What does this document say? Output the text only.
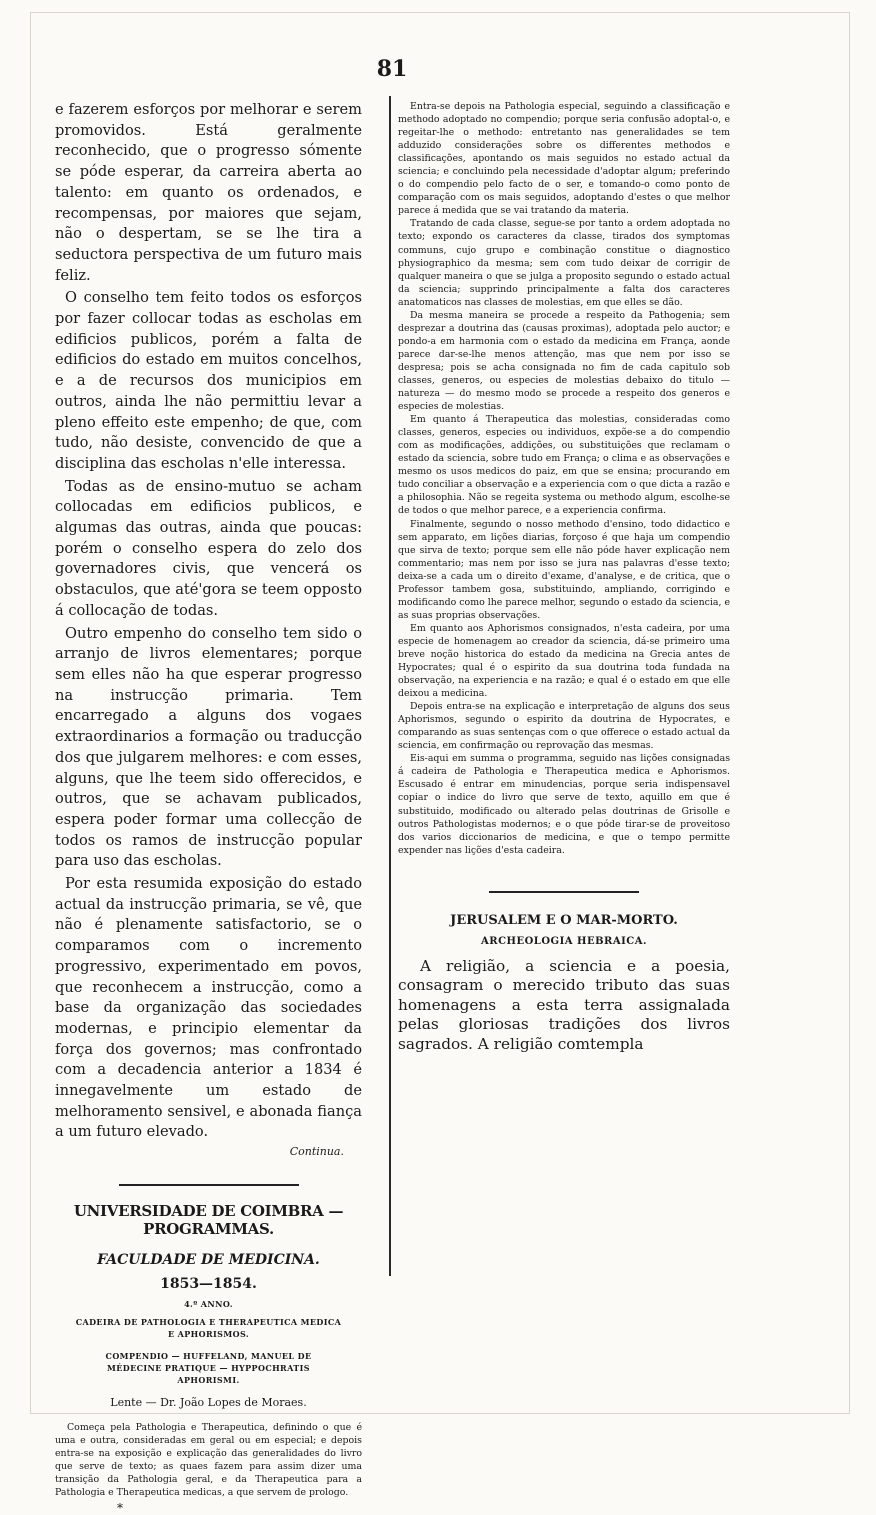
81

e fazerem esforços por melhorar e serem promovidos. Está geralmente reconhecido, que o progresso sómente se póde esperar, da carreira aberta ao talento: em quanto os ordenados, e recompensas, por maiores que sejam, não o despertam, se se lhe tira a seductora perspectiva de um futuro mais feliz.

O conselho tem feito todos os esforços por fazer collocar todas as escholas em edificios publicos, porém a falta de edificios do estado em muitos concelhos, e a de recursos dos municipios em outros, ainda lhe não permittiu levar a pleno effeito este empenho; de que, com tudo, não desiste, convencido de que a disciplina das escholas n'elle interessa.

Todas as de ensino-mutuo se acham collocadas em edificios publicos, e algumas das outras, ainda que poucas: porém o conselho espera do zelo dos governadores civis, que vencerá os obstaculos, que até'gora se teem opposto á collocação de todas.

Outro empenho do conselho tem sido o arranjo de livros elementares; porque sem elles não ha que esperar progresso na instrucção primaria. Tem encarregado a alguns dos vogaes extraordinarios a formação ou traducção dos que julgarem melhores: e com esses, alguns, que lhe teem sido offerecidos, e outros, que se achavam publicados, espera poder formar uma collecção de todos os ramos de instrucção popular para uso das escholas.

Por esta resumida exposição do estado actual da instrucção primaria, se vê, que não é plenamente satisfactorio, se o comparamos com o incremento progressivo, experimentado em povos, que reconhecem a instrucção, como a base da organização das sociedades modernas, e principio elementar da força dos governos; mas confrontado com a decadencia anterior a 1834 é innegavelmente um estado de melhoramento sensivel, e abonada fiança a um futuro elevado.

Continua.

UNIVERSIDADE DE COIMBRA — PROGRAMMAS.

FACULDADE DE MEDICINA.

1853—1854.

4.º ANNO.

CADEIRA DE PATHOLOGIA E THERAPEUTICA MEDICA E APHORISMOS.

COMPENDIO — HUFFELAND, MANUEL DE MÉDECINE PRATIQUE — HYPPOCHRATIS APHORISMI.

Lente — Dr. João Lopes de Moraes.

Começa pela Pathologia e Therapeutica, definindo o que é uma e outra, consideradas em geral ou em especial; e depois entra-se na exposição e explicação das generalidades do livro que serve de texto; as quaes fazem para assim dizer uma transição da Pathologia geral, e da Therapeutica para a Pathologia e Therapeutica medicas, a que servem de prologo.

*

Entra-se depois na Pathologia especial, seguindo a classificação e methodo adoptado no compendio; porque seria confusão adoptal-o, e regeitar-lhe o methodo: entretanto nas generalidades se tem adduzido considerações sobre os differentes methodos e classificações, apontando os mais seguidos no estado actual da sciencia; e concluindo pela necessidade d'adoptar algum; preferindo o do compendio pelo facto de o ser, e tomando-o como ponto de comparação com os mais seguidos, adoptando d'estes o que melhor parece á medida que se vai tratando da materia.

Tratando de cada classe, segue-se por tanto a ordem adoptada no texto; expondo os caracteres da classe, tirados dos symptomas communs, cujo grupo e combinação constitue o diagnostico physiographico da mesma; sem com tudo deixar de corrigir de qualquer maneira o que se julga a proposito segundo o estado actual da sciencia; supprindo principalmente a falta dos caracteres anatomaticos nas classes de molestias, em que elles se dão.

Da mesma maneira se procede a respeito da Pathogenia; sem desprezar a doutrina das (causas proximas), adoptada pelo auctor; e pondo-a em harmonia com o estado da medicina em França, aonde parece dar-se-lhe menos attenção, mas que nem por isso se despresa; pois se acha consignada no fim de cada capitulo sob classes, generos, ou especies de molestias debaixo do titulo — natureza — do mesmo modo se procede a respeito dos generos e especies de molestias.

Em quanto á Therapeutica das molestias, consideradas como classes, generos, especies ou individuos, expõe-se a do compendio com as modificações, addições, ou substituições que reclamam o estado da sciencia, sobre tudo em França; o clima e as observações e mesmo os usos medicos do paiz, em que se ensina; procurando em tudo conciliar a observação e a experiencia com o que dicta a razão e a philosophia. Não se regeita systema ou methodo algum, escolhe-se de todos o que melhor parece, e a experiencia confirma.

Finalmente, segundo o nosso methodo d'ensino, todo didactico e sem apparato, em lições diarias, forçoso é que haja um compendio que sirva de texto; porque sem elle não póde haver explicação nem commentario; mas nem por isso se jura nas palavras d'esse texto; deixa-se a cada um o direito d'exame, d'analyse, e de critica, que o Professor tambem gosa, substituindo, ampliando, corrigindo e modificando como lhe parece melhor, segundo o estado da sciencia, e as suas proprias observações.

Em quanto aos Aphorismos consignados, n'esta cadeira, por uma especie de homenagem ao creador da sciencia, dá-se primeiro uma breve noção historica do estado da medicina na Grecia antes de Hypocrates; qual é o espirito da sua doutrina toda fundada na observação, na experiencia e na razão; e qual é o estado em que elle deixou a medicina.

Depois entra-se na explicação e interpretação de alguns dos seus Aphorismos, segundo o espirito da doutrina de Hypocrates, e comparando as suas sentenças com o que offerece o estado actual da sciencia, em confirmação ou reprovação das mesmas.

Eis-aqui em summa o programma, seguido nas lições consignadas á cadeira de Pathologia e Therapeutica medica e Aphorismos. Escusado é entrar em minudencias, porque seria indispensavel copiar o indice do livro que serve de texto, aquillo em que é substituido, modificado ou alterado pelas doutrinas de Grisolle e outros Pathologistas modernos; e o que póde tirar-se de proveitoso dos varios diccionarios de medicina, e que o tempo permitte expender nas lições d'esta cadeira.

JERUSALEM E O MAR-MORTO.

ARCHEOLOGIA HEBRAICA.

A religião, a sciencia e a poesia, consagram o merecido tributo das suas homenagens a esta terra assignalada pelas gloriosas tradições dos livros sagrados. A religião comtempla
